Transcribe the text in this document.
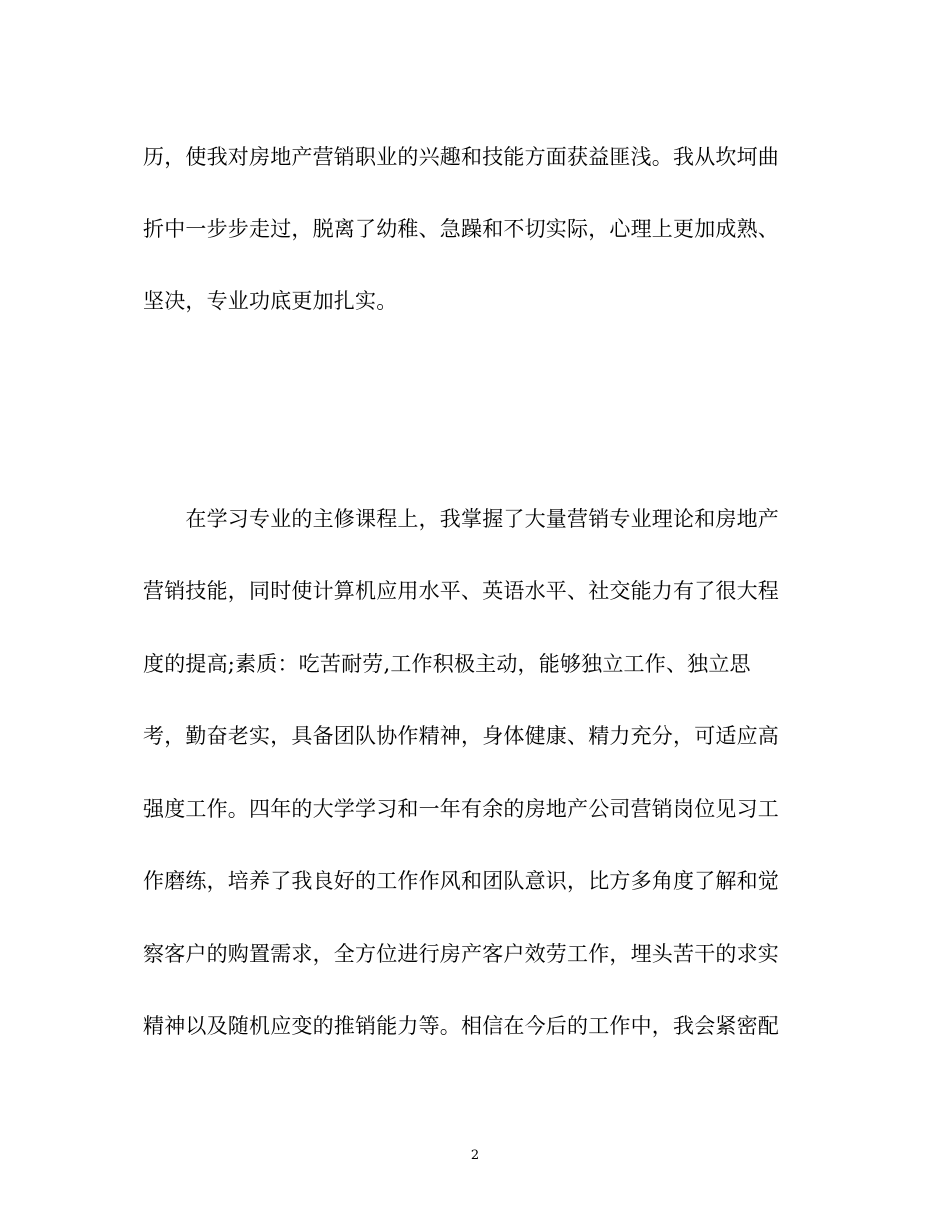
历，使我对房地产营销职业的兴趣和技能方面获益匪浅。我从坎坷曲
折中一步步走过，脱离了幼稚、急躁和不切实际，心理上更加成熟、
坚决，专业功底更加扎实。
　　在学习专业的主修课程上，我掌握了大量营销专业理论和房地产
营销技能，同时使计算机应用水平、英语水平、社交能力有了很大程
度的提高;素质：吃苦耐劳,工作积极主动，能够独立工作、独立思
考，勤奋老实，具备团队协作精神，身体健康、精力充分，可适应高
强度工作。四年的大学学习和一年有余的房地产公司营销岗位见习工
作磨练，培养了我良好的工作作风和团队意识，比方多角度了解和觉
察客户的购置需求，全方位进行房产客户效劳工作，埋头苦干的求实
精神以及随机应变的推销能力等。相信在今后的工作中，我会紧密配
2
